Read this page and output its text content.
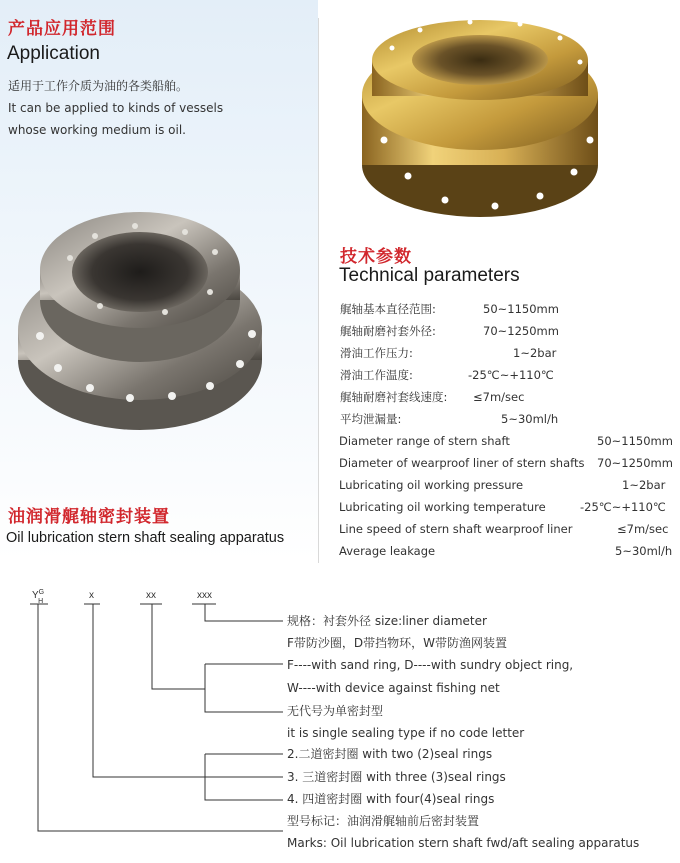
产品应用范围
Application
适用于工作介质为油的各类船舶。
It can be applied to kinds of vessels
whose working medium is oil.
油润滑艉轴密封装置
Oil lubrication stern shaft sealing apparatus
技术参数
Technical parameters
艉轴基本直径范围:	50~1150mm
艉轴耐磨衬套外径:	70~1250mm
滑油工作压力:	1~2bar
滑油工作温度:	-25℃~+110℃
艉轴耐磨衬套线速度: ≤7m/sec
平均泄漏量:	5~30ml/h
Diameter range of stern shaft	50~1150mm
Diameter of wearproof liner of stern shafts 70~1250mm
Lubricating oil working pressure	1~2bar
Lubricating oil working temperature	-25℃~+110℃
Line speed of stern shaft wearproof liner	≤7m/sec
Average leakage	5~30ml/h
$Y^G$
H	x	xx	xxx
规格：衬套外径 size:liner diameter
F带防沙圈，D带挡物环，W带防渔网装置
F----with sand ring, D----with sundry object ring,
W----with device against fishing net
无代号为单密封型
it is single sealing type if no code letter
2.二道密封圈 with two (2)seal rings
3. 三道密封圈 with three (3)seal rings
4. 四道密封圈 with four(4)seal rings
型号标记：油润滑艉轴前后密封装置
Marks: Oil lubrication stern shaft fwd/aft sealing apparatus
